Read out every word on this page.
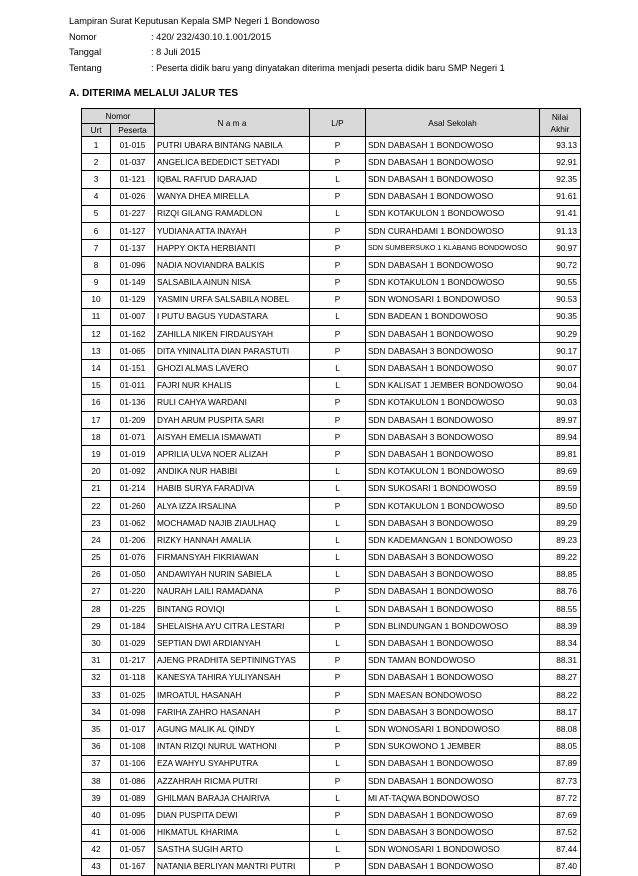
Lampiran Surat Keputusan Kepala SMP Negeri 1 Bondowoso
Nomor	: 420/ 232/430.10.1.001/2015
Tanggal	: 8 Juli 2015
Tentang	: Peserta didik baru yang dinyatakan diterima menjadi peserta didik baru SMP Negeri 1
A. DITERIMA MELALUI JALUR TES
Nomor		N a m a	L/P	Asal Sekolah	Nilai
Akhir
Urt	Peserta				
1	01-015	PUTRI UBARA BINTANG NABILA	P	SDN DABASAH 1 BONDOWOSO	93.13
2	01-037	ANGELICA BEDEDICT SETYADI	P	SDN DABASAH 1 BONDOWOSO	92.91
3	01-121	IQBAL RAFI'UD DARAJAD	L	SDN DABASAH 1 BONDOWOSO	92.35
4	01-026	WANYA DHEA MIRELLA	P	SDN DABASAH 1 BONDOWOSO	91.61
5	01-227	RIZQI GILANG RAMADLON	L	SDN KOTAKULON 1 BONDOWOSO	91.41
6	01-127	YUDIANA ATTA INAYAH	P	SDN CURAHDAMI 1 BONDOWOSO	91.13
7	01-137	HAPPY OKTA HERBIANTI	P	SDN SUMBERSUKO 1 KLABANG BONDOWOSO	90.97
8	01-096	NADIA NOVIANDRA BALKIS	P	SDN DABASAH 1 BONDOWOSO	90.72
9	01-149	SALSABILA AINUN NISA	P	SDN KOTAKULON 1 BONDOWOSO	90.55
10	01-129	YASMIN URFA SALSABILA NOBEL	P	SDN WONOSARI 1 BONDOWOSO	90.53
11	01-007	I PUTU BAGUS YUDASTARA	L	SDN BADEAN 1 BONDOWOSO	90.35
12	01-162	ZAHILLA NIKEN FIRDAUSYAH	P	SDN DABASAH 1 BONDOWOSO	90.29
13	01-065	DITA YNINALITA DIAN PARASTUTI	P	SDN DABASAH 3 BONDOWOSO	90.17
14	01-151	GHOZI ALMAS LAVERO	L	SDN DABASAH 1 BONDOWOSO	90.07
15	01-011	FAJRI NUR KHALIS	L	SDN KALISAT 1 JEMBER BONDOWOSO	90.04
16	01-136	RULI CAHYA WARDANI	P	SDN KOTAKULON 1 BONDOWOSO	90.03
17	01-209	DYAH ARUM PUSPITA SARI	P	SDN DABASAH 1 BONDOWOSO	89.97
18	01-071	AISYAH EMELIA ISMAWATI	P	SDN DABASAH 3 BONDOWOSO	89.94
19	01-019	APRILIA ULVA NOER ALIZAH	P	SDN DABASAH 1 BONDOWOSO	89.81
20	01-092	ANDIKA NUR HABIBI	L	SDN KOTAKULON 1 BONDOWOSO	89.69
21	01-214	HABIB SURYA FARADIVA	L	SDN SUKOSARI 1 BONDOWOSO	89.59
22	01-260	ALYA IZZA IRSALINA	P	SDN KOTAKULON 1 BONDOWOSO	89.50
23	01-062	MOCHAMAD NAJIB ZIAULHAQ	L	SDN DABASAH 3 BONDOWOSO	89.29
24	01-206	RIZKY HANNAH AMALIA	L	SDN KADEMANGAN 1 BONDOWOSO	89.23
25	01-076	FIRMANSYAH FIKRIAWAN	L	SDN DABASAH 3 BONDOWOSO	89.22
26	01-050	ANDAWIYAH NURIN SABIELA	L	SDN DABASAH 3 BONDOWOSO	88.85
27	01-220	NAURAH LAILI RAMADANA	P	SDN DABASAH 1 BONDOWOSO	88.76
28	01-225	BINTANG ROVIQI	L	SDN DABASAH 1 BONDOWOSO	88.55
29	01-184	SHELAISHA AYU CITRA LESTARI	P	SDN BLINDUNGAN 1 BONDOWOSO	88.39
30	01-029	SEPTIAN DWI ARDIANYAH	L	SDN DABASAH 1 BONDOWOSO	88.34
31	01-217	AJENG PRADHITA SEPTININGTYAS	P	SDN TAMAN BONDOWOSO	88.31
32	01-118	KANESYA TAHIRA YULIYANSAH	P	SDN DABASAH 1 BONDOWOSO	88.27
33	01-025	IMROATUL HASANAH	P	SDN MAESAN BONDOWOSO	88.22
34	01-098	FARIHA ZAHRO HASANAH	P	SDN DABASAH 3 BONDOWOSO	88.17
35	01-017	AGUNG MALIK AL QINDY	L	SDN WONOSARI 1 BONDOWOSO	88.08
36	01-108	INTAN RIZQI NURUL WATHONI	P	SDN SUKOWONO 1 JEMBER	88.05
37	01-106	EZA WAHYU SYAHPUTRA	L	SDN DABASAH 1 BONDOWOSO	87.89
38	01-086	AZZAHRAH RICMA PUTRI	P	SDN DABASAH 1 BONDOWOSO	87.73
39	01-089	GHILMAN BARAJA CHAIRIVA	L	MI AT-TAQWA BONDOWOSO	87.72
40	01-095	DIAN PUSPITA DEWI	P	SDN DABASAH 1 BONDOWOSO	87.69
41	01-006	HIKMATUL KHARIMA	L	SDN DABASAH 3 BONDOWOSO	87.52
42	01-057	SASTHA SUGIH ARTO	L	SDN WONOSARI 1 BONDOWOSO	87.44
43	01-167	NATANIA BERLIYAN MANTRI PUTRI	P	SDN DABASAH 1 BONDOWOSO	87.40
